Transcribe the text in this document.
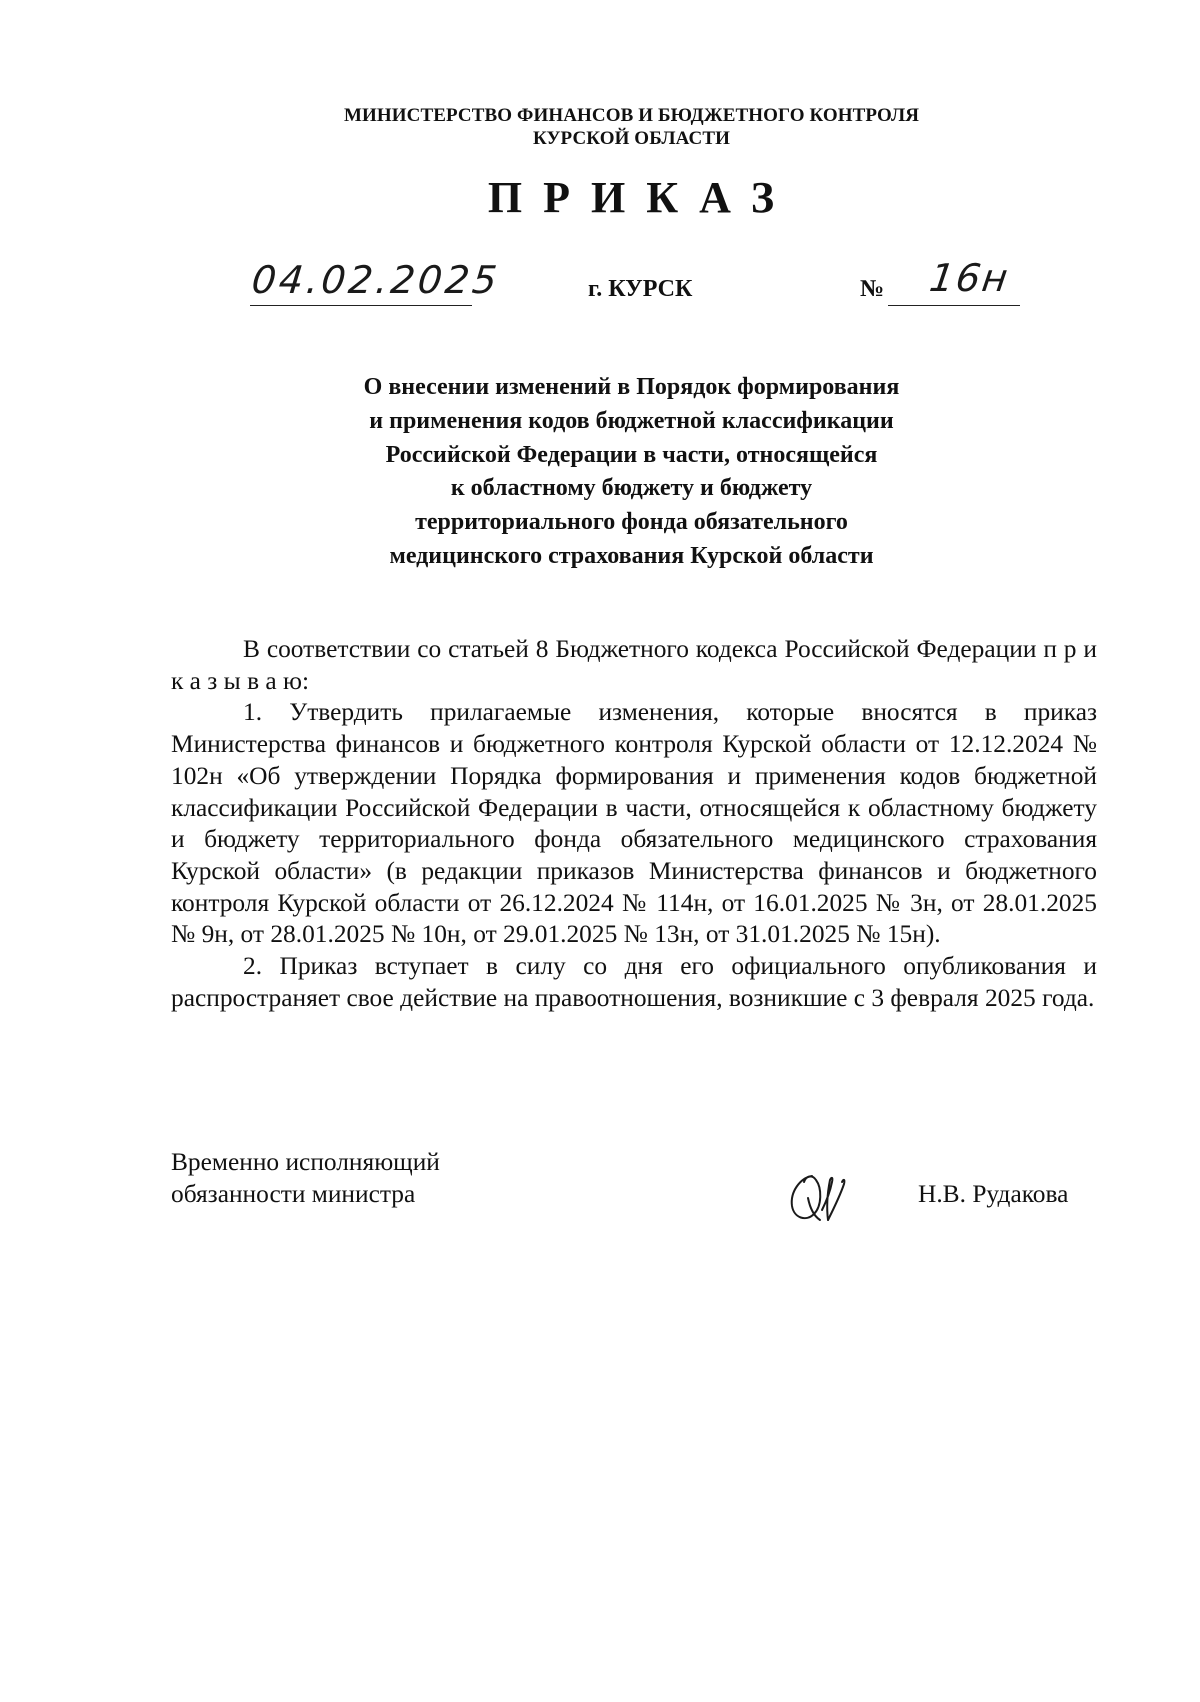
МИНИСТЕРСТВО ФИНАНСОВ И БЮДЖЕТНОГО КОНТРОЛЯ
КУРСКОЙ ОБЛАСТИ
ПРИКАЗ
04.02.2025	г. КУРСК	№ 16н
О внесении изменений в Порядок формирования
и применения кодов бюджетной классификации
Российской Федерации в части, относящейся
к областному бюджету и бюджету
территориального фонда обязательного
медицинского страхования Курской области

В соответствии со статьей 8 Бюджетного кодекса Российской Федерации п р и к а з ы в а ю:

1. Утвердить прилагаемые изменения, которые вносятся в приказ Министерства финансов и бюджетного контроля Курской области от 12.12.2024 № 102н «Об утверждении Порядка формирования и применения кодов бюджетной классификации Российской Федерации в части, относящейся к областному бюджету и бюджету территориального фонда обязательного медицинского страхования Курской области» (в редакции приказов Министерства финансов и бюджетного контроля Курской области от 26.12.2024 № 114н, от 16.01.2025 № 3н, от 28.01.2025 № 9н, от 28.01.2025 № 10н, от 29.01.2025 № 13н, от 31.01.2025 № 15н).

2. Приказ вступает в силу со дня его официального опубликования и распространяет свое действие на правоотношения, возникшие с 3 февраля 2025 года.

Временно исполняющий
обязанности министра	Н.В. Рудакова
